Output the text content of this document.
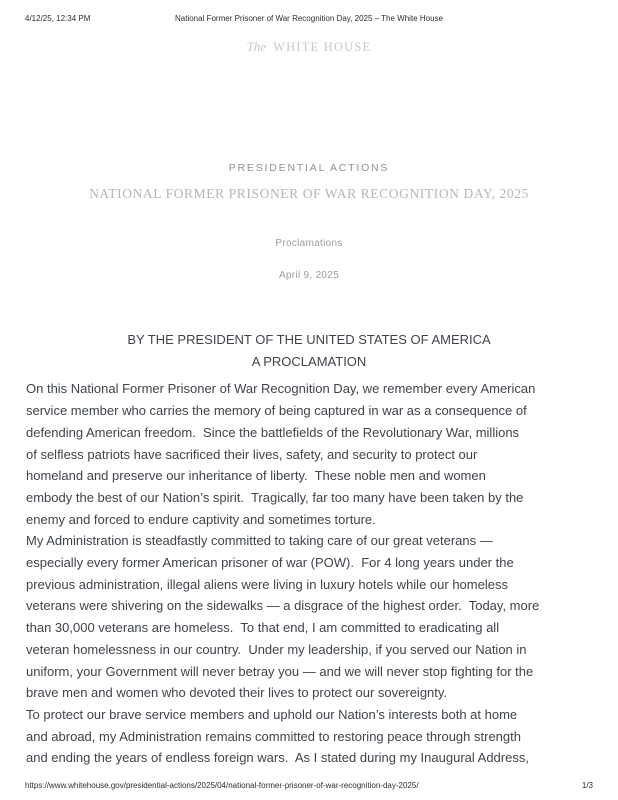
4/12/25, 12:34 PM	National Former Prisoner of War Recognition Day, 2025 – The White House
The WHITE HOUSE
PRESIDENTIAL ACTIONS
NATIONAL FORMER PRISONER OF WAR RECOGNITION DAY, 2025
Proclamations
April 9, 2025
BY THE PRESIDENT OF THE UNITED STATES OF AMERICA
A PROCLAMATION
On this National Former Prisoner of War Recognition Day, we remember every American
service member who carries the memory of being captured in war as a consequence of
defending American freedom.  Since the battlefields of the Revolutionary War, millions
of selfless patriots have sacrificed their lives, safety, and security to protect our
homeland and preserve our inheritance of liberty.  These noble men and women
embody the best of our Nation’s spirit.  Tragically, far too many have been taken by the
enemy and forced to endure captivity and sometimes torture.
My Administration is steadfastly committed to taking care of our great veterans —
especially every former American prisoner of war (POW).  For 4 long years under the
previous administration, illegal aliens were living in luxury hotels while our homeless
veterans were shivering on the sidewalks — a disgrace of the highest order.  Today, more
than 30,000 veterans are homeless.  To that end, I am committed to eradicating all
veteran homelessness in our country.  Under my leadership, if you served our Nation in
uniform, your Government will never betray you — and we will never stop fighting for the
brave men and women who devoted their lives to protect our sovereignty.
To protect our brave service members and uphold our Nation’s interests both at home
and abroad, my Administration remains committed to restoring peace through strength
and ending the years of endless foreign wars.  As I stated during my Inaugural Address,
https://www.whitehouse.gov/presidential-actions/2025/04/national-former-prisoner-of-war-recognition-day-2025/	1/3
